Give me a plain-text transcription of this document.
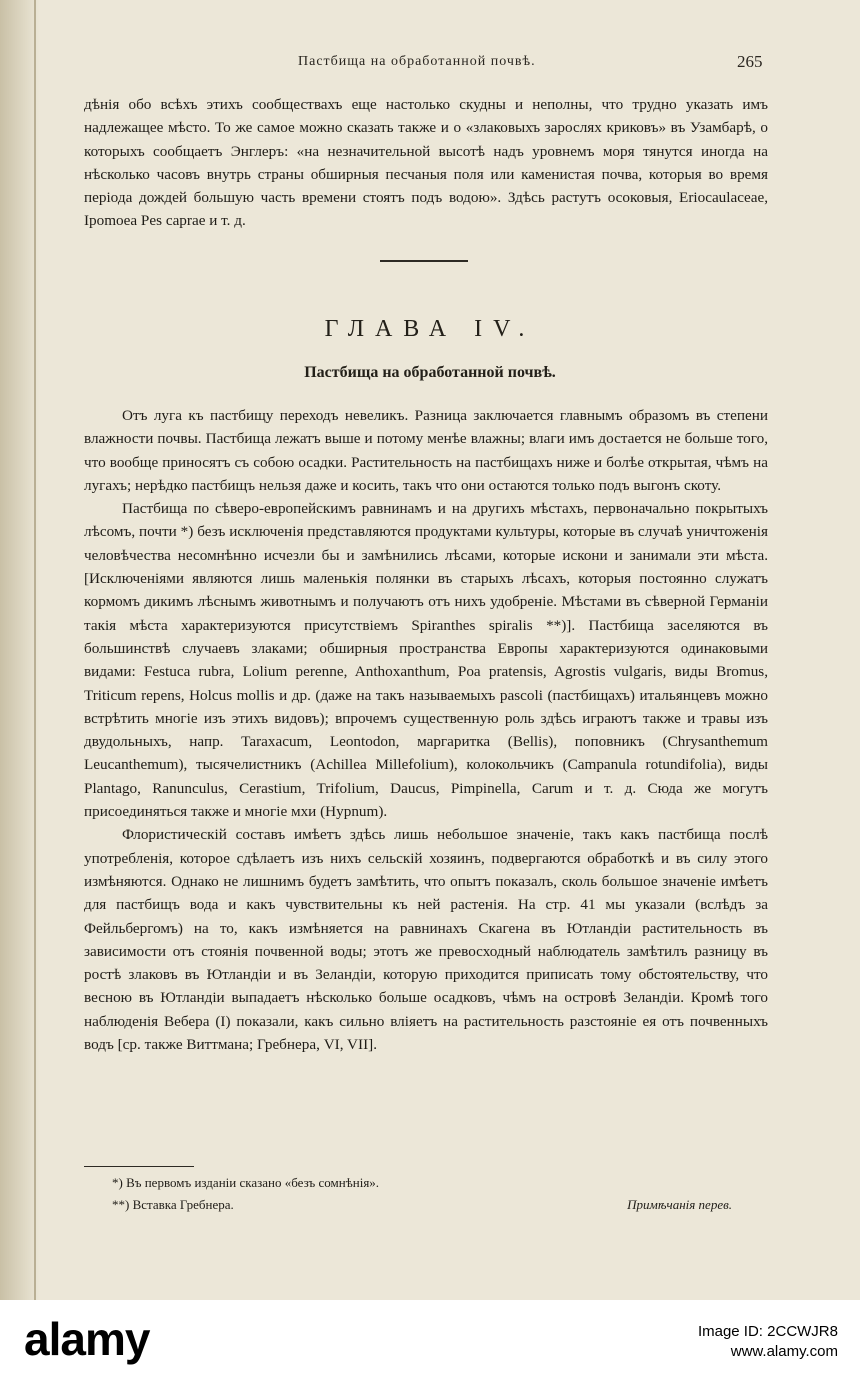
Пастбища на обработанной почвѣ.	265

дѣнія обо всѣхъ этихъ сообществахъ еще настолько скудны и неполны, что трудно указать имъ надлежащее мѣсто. То же самое можно сказать также и о «злаковыхъ зарослях криковъ» въ Узамбарѣ, о которыхъ сообщаетъ Энглеръ: «на незначительной высотѣ надъ уровнемъ моря тянутся иногда на нѣсколько часовъ внутрь страны обширныя песчаныя поля или каменистая почва, которыя во время періода дождей большую часть времени стоятъ подъ водою». Здѣсь растутъ осоковыя, Eriocaulaceae, Ipomoea Pes caprae и т. д.

ГЛАВА IV.
Пастбища на обработанной почвѣ.

Отъ луга къ пастбищу переходъ невеликъ. Разница заключается главнымъ образомъ въ степени влажности почвы. Пастбища лежатъ выше и потому менѣе влажны; влаги имъ достается не больше того, что вообще приносятъ съ собою осадки. Растительность на пастбищахъ ниже и болѣе открытая, чѣмъ на лугахъ; нерѣдко пастбищъ нельзя даже и косить, такъ что они остаются только подъ выгонъ скоту.

Пастбища по сѣверо-европейскимъ равнинамъ и на другихъ мѣстахъ, первоначально покрытыхъ лѣсомъ, почти *) безъ исключенія представляются продуктами культуры, которые въ случаѣ уничтоженія человѣчества несомнѣнно исчезли бы и замѣнились лѣсами, которые искони и занимали эти мѣста. [Исключеніями являются лишь маленькія полянки въ старыхъ лѣсахъ, которыя постоянно служатъ кормомъ дикимъ лѣснымъ животнымъ и получаютъ отъ нихъ удобреніе. Мѣстами въ сѣверной Германіи такія мѣста характеризуются присутствіемъ Spiranthes spiralis **)]. Пастбища заселяются въ большинствѣ случаевъ злаками; обширныя пространства Европы характеризуются одинаковыми видами: Festuca rubra, Lolium perenne, Anthoxanthum, Poa pratensis, Agrostis vulgaris, виды Bromus, Triticum repens, Holcus mollis и др. (даже на такъ называемыхъ pascoli (пастбищахъ) итальянцевъ можно встрѣтить многіе изъ этихъ видовъ); впрочемъ существенную роль здѣсь играютъ также и травы изъ двудольныхъ, напр. Taraxacum, Leontodon, маргаритка (Bellis), поповникъ (Chrysanthemum Leucanthemum), тысячелистникъ (Achillea Millefolium), колокольчикъ (Campanula rotundifolia), виды Plantago, Ranunculus, Cerastium, Trifolium, Daucus, Pimpinella, Carum и т. д. Сюда же могутъ присоединяться также и многіе мхи (Hypnum).

Флористическій составъ имѣетъ здѣсь лишь небольшое значеніе, такъ какъ пастбища послѣ употребленія, которое сдѣлаетъ изъ нихъ сельскій хозяинъ, подвергаются обработкѣ и въ силу этого измѣняются. Однако не лишнимъ будетъ замѣтить, что опытъ показалъ, сколь большое значеніе имѣетъ для пастбищъ вода и какъ чувствительны къ ней растенія. На стр. 41 мы указали (вслѣдъ за Фейльбергомъ) на то, какъ измѣняется на равнинахъ Скагена въ Ютландіи растительность въ зависимости отъ стоянія почвенной воды; этотъ же превосходный наблюдатель замѣтилъ разницу въ ростѣ злаковъ въ Ютландіи и въ Зеландіи, которую приходится приписать тому обстоятельству, что весною въ Ютландіи выпадаетъ нѣсколько больше осадковъ, чѣмъ на островѣ Зеландіи. Кромѣ того наблюденія Вебера (I) показали, какъ сильно вліяетъ на растительность разстояніе ея отъ почвенныхъ водъ [ср. также Виттмана; Гребнера, VI, VII].

*) Въ первомъ изданіи сказано «безъ сомнѣнія».
**) Вставка Гребнера.	Примѣчанія перев.
alamy	Image ID: 2CCWJR8
www.alamy.com
